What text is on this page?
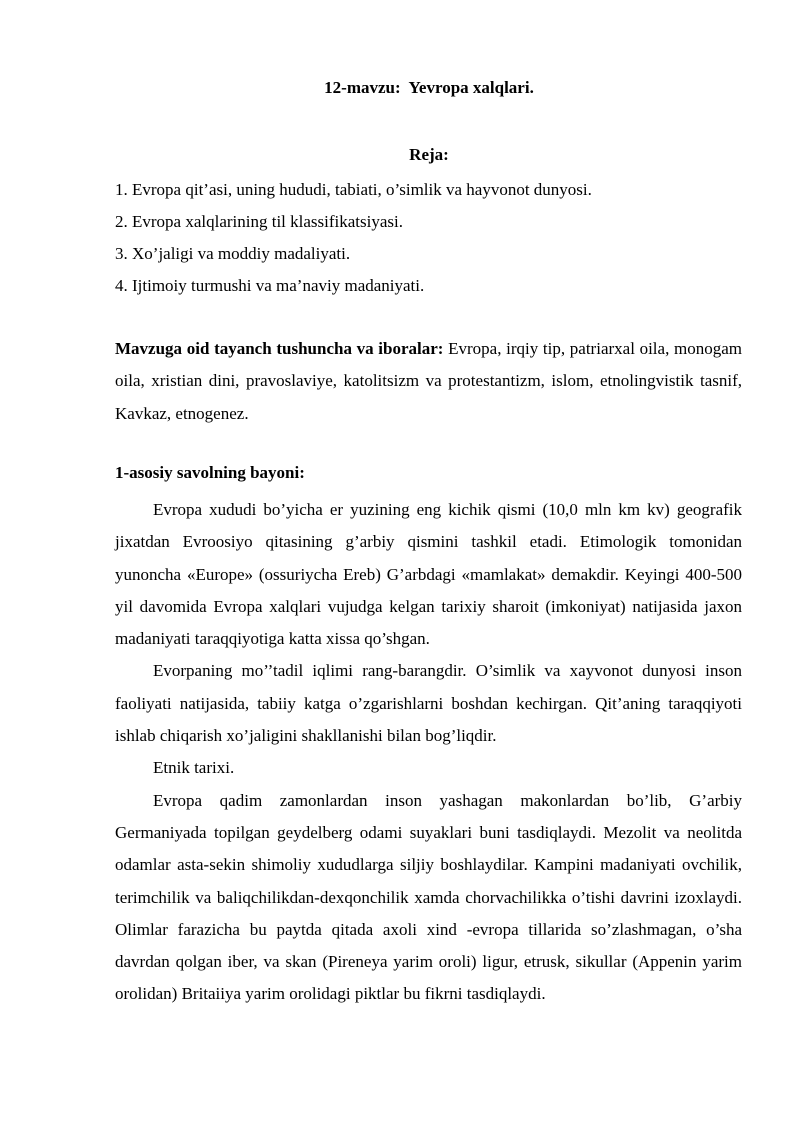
12-mavzu:  Yevropa xalqlari.
Reja:
1. Evropa qit’asi, uning hududi, tabiati, o’simlik va hayvonot dunyosi.
2. Evropa xalqlarining til klassifikatsiyasi.
3. Xo’jaligi va moddiy madaliyati.
4. Ijtimoiy turmushi va ma’naviy madaniyati.
Mavzuga oid tayanch tushuncha va iboralar: Evropa, irqiy tip, patriarxal oila, monogam oila, xristian dini, pravoslaviye, katolitsizm va protestantizm, islom, etnolingvistik tasnif, Kavkaz, etnogenez.
1-asosiy savolning bayoni:

Evropa xududi bo’yicha er yuzining eng kichik qismi (10,0 mln km kv) geografik jixatdan Evroosiyo qitasining g’arbiy qismini tashkil etadi. Etimologik tomonidan yunoncha «Europe» (ossuriycha Ereb) G’arbdagi «mamlakat» demakdir. Keyingi 400-500 yil davomida Evropa xalqlari vujudga kelgan tarixiy sharoit (imkoniyat) natijasida jaxon madaniyati taraqqiyotiga katta xissa qo’shgan.

Evorpaning mo’’tadil iqlimi rang-barangdir. O’simlik va xayvonot dunyosi inson faoliyati natijasida, tabiiy katga o’zgarishlarni boshdan kechirgan. Qit’aning taraqqiyoti ishlab chiqarish xo’jaligini shakllanishi bilan bog’liqdir.

Etnik tarixi.

Evropa qadim zamonlardan inson yashagan makonlardan bo’lib, G’arbiy Germaniyada topilgan geydelberg odami suyaklari buni tasdiqlaydi. Mezolit va neolitda odamlar asta-sekin shimoliy xududlarga siljiy boshlaydilar. Kampini madaniyati ovchilik, terimchilik va baliqchilikdan-dexqonchilik xamda chorvachilikka o’tishi davrini izoxlaydi. Olimlar farazicha bu paytda qitada axoli xind -evropa tillarida so’zlashmagan, o’sha davrdan qolgan iber, va skan (Pireneya yarim oroli) ligur, etrusk, sikullar (Appenin yarim orolidan) Britaiiya yarim orolidagi piktlar bu fikrni tasdiqlaydi.
